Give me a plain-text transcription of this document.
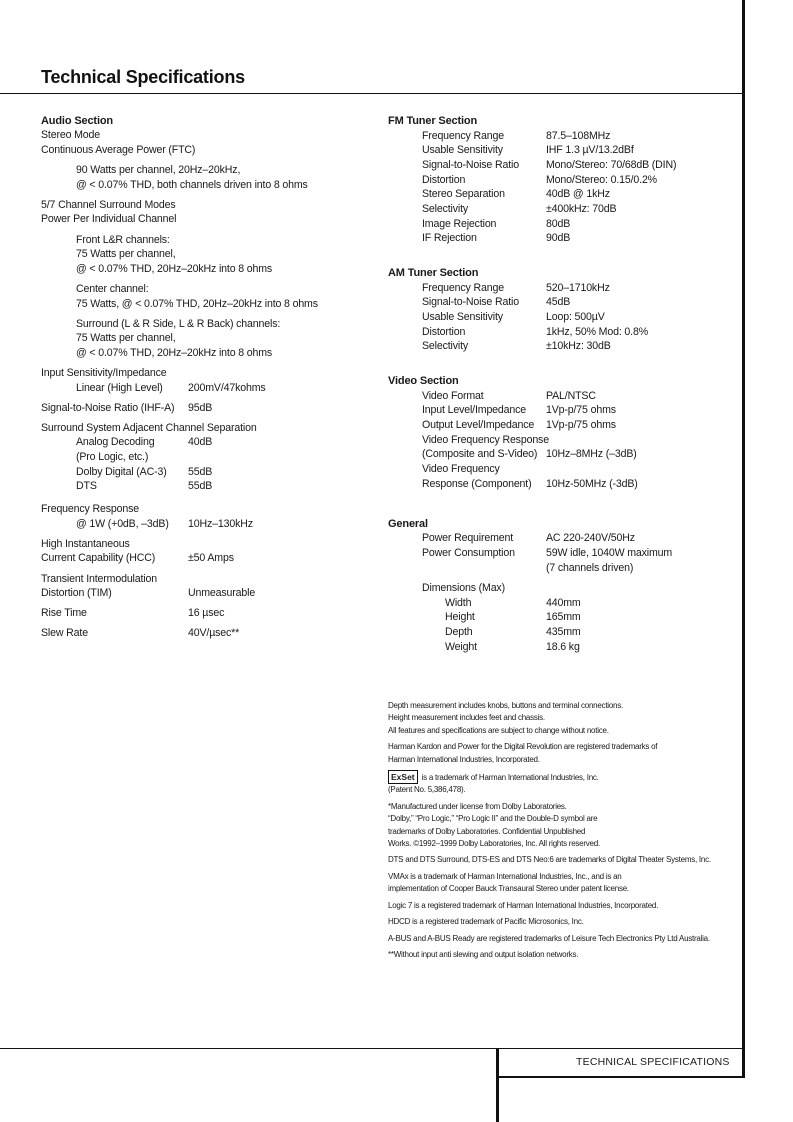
Technical Specifications
Audio Section
Stereo Mode
Continuous Average Power (FTC)
90 Watts per channel, 20Hz–20kHz,
@ < 0.07% THD, both channels driven into 8 ohms
5/7 Channel Surround Modes
Power Per Individual Channel
Front L&R channels:
75 Watts per channel,
@ < 0.07% THD, 20Hz–20kHz into 8 ohms
Center channel:
75 Watts, @ < 0.07% THD, 20Hz–20kHz into 8 ohms
Surround (L & R Side, L & R Back) channels:
75 Watts per channel,
@ < 0.07% THD, 20Hz–20kHz into 8 ohms
Input Sensitivity/Impedance
Linear (High Level) 200mV/47kohms
Signal-to-Noise Ratio (IHF-A) 95dB
Surround System Adjacent Channel Separation
Analog Decoding	40dB
(Pro Logic, etc.)
Dolby Digital (AC-3) 55dB
DTS	55dB
Frequency Response
@ 1W (+0dB, –3dB) 10Hz–130kHz
High Instantaneous
Current Capability (HCC)	±50 Amps
Transient Intermodulation
Distortion (TIM)	Unmeasurable
Rise Time	16 µsec
Slew Rate	40V/µsec**
FM Tuner Section
Frequency Range	87.5–108MHz
Usable Sensitivity	IHF 1.3 µV/13.2dBf
Signal-to-Noise Ratio	Mono/Stereo: 70/68dB (DIN)
Distortion	Mono/Stereo: 0.15/0.2%
Stereo Separation	40dB @ 1kHz
Selectivity	±400kHz: 70dB
Image Rejection	80dB
IF Rejection	90dB
AM Tuner Section
Frequency Range	520–1710kHz
Signal-to-Noise Ratio	45dB
Usable Sensitivity	Loop: 500µV
Distortion	1kHz, 50% Mod: 0.8%
Selectivity	±10kHz: 30dB
Video Section
Video Format	PAL/NTSC
Input Level/Impedance 1Vp-p/75 ohms
Output Level/Impedance 1Vp-p/75 ohms
Video Frequency Response
(Composite and S-Video) 10Hz–8MHz (–3dB)
Video Frequency
Response (Component) 10Hz-50MHz (-3dB)
General
Power Requirement	AC 220-240V/50Hz
Power Consumption	59W idle, 1040W maximum
(7 channels driven)
Dimensions (Max)
Width	440mm
Height	165mm
Depth	435mm
Weight	18.6 kg

Depth measurement includes knobs, buttons and terminal connections.
Height measurement includes feet and chassis.
All features and specifications are subject to change without notice.

Harman Kardon and Power for the Digital Revolution are registered trademarks of
Harman International Industries, Incorporated.

ExSet is a trademark of Harman International Industries, Inc.
(Patent No. 5,386,478).

*Manufactured under license from Dolby Laboratories.
“Dolby,” “Pro Logic,” “Pro Logic II” and the Double-D symbol are
trademarks of Dolby Laboratories. Confidential Unpublished
Works. ©1992–1999 Dolby Laboratories, Inc. All rights reserved.

DTS and DTS Surround, DTS-ES and DTS Neo:6 are trademarks of Digital Theater Systems, Inc.

VMAx is a trademark of Harman International Industries, Inc., and is an
implementation of Cooper Bauck Transaural Stereo under patent license.

Logic 7 is a registered trademark of Harman International Industries, Incorporated.

HDCD is a registered trademark of Pacific Microsonics, Inc.

A-BUS and A-BUS Ready are registered trademarks of Leisure Tech Electronics Pty Ltd Australia.

**Without input anti slewing and output isolation networks.

TECHNICAL SPECIFICATIONS
